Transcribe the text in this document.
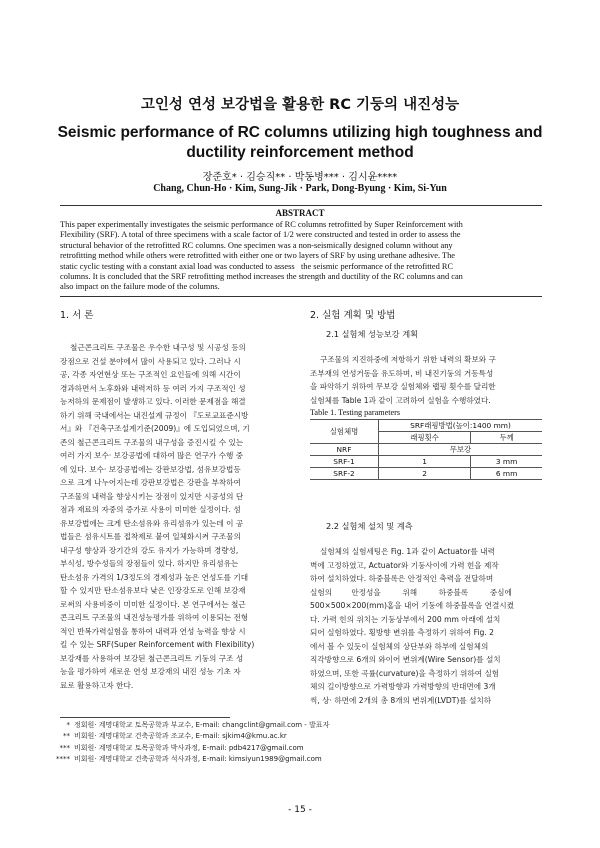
고인성 연성 보강법을 활용한 RC 기둥의 내진성능
Seismic performance of RC columns utilizing high toughness and
ductility reinforcement method
장준호* · 김승직** · 박동병*** · 김시윤****
Chang, Chun-Ho · Kim, Sung-Jik · Park, Dong-Byung · Kim, Si-Yun
ABSTRACT
This paper experimentally investigates the seismic performance of RC columns retrofitted by Super Reinforcement with
Flexibility (SRF). A total of three specimens with a scale factor of 1/2 were constructed and tested in order to assess the
structural behavior of the retrofitted RC columns. One specimen was a non-seismically designed column without any
retrofitting method while others were retrofitted with either one or two layers of SRF by using urethane adhesive. The
static cyclic testing with a constant axial load was conducted to assess   the seismic performance of the retrofitted RC
columns. It is concluded that the SRF retrofitting method increases the strength and ductility of the RC columns and can
also impact on the failure mode of the columns.
1. 서 론
철근콘크리트 구조물은 우수한 내구성 및 시공성 등의
장점으로 건설 분야에서 많이 사용되고 있다. 그러나 시
공, 각종 자연현상 또는 구조적인 요인들에 의해 시간이
경과하면서 노후화와 내력저하 등 여러 가지 구조적인 성
능저하의 문제점이 발생하고 있다. 이러한 문제점을 해결
하기 위해 국내에서는 내진설계 규정이 『도로교표준시방
서』와 『건축구조설계기준(2009)』에 도입되었으며, 기
존의 철근콘크리트 구조물의 내구성을 증진시킬 수 있는
여러 가지 보수· 보강공법에 대하여 많은 연구가 수행 중
에 있다. 보수· 보강공법에는 강판보강법, 섬유보강법등
으로 크게 나누어지는데 강판보강법은 강판을 부착하여
구조물의 내력을 향상시키는 장점이 있지만 시공성의 단
점과 재료의 자중의 증가로 사용이 미미한 실정이다. 섬
유보강법에는 크게 탄소섬유와 유리섬유가 있는데 이 공
법들은 섬유시트를 접착제로 붙여 일체화시켜 구조물의
내구성 향상과 장기간의 강도 유지가 가능하며 경량성,
부식성, 방수성들의 장점들이 있다. 하지만 유리섬유는
탄소섬유 가격의 1/3정도의 경제성과 높은 연성도를 기대
할 수 있지만 탄소섬유보다 낮은 인장강도로 인해 보강재
로써의 사용비중이 미미한 실정이다. 본 연구에서는 철근
콘크리트 구조물의 내진성능평가를 위하여 이용되는 전형
적인 반복가력실험을 통하여 내력과 연성 능력을 향상 시
킬 수 있는 SRF(Super Reinforcement with Flexibility)
보강재를 사용하여 보강된 철근콘크리트 기둥의 구조 성
능을 평가하여 새로운 연성 보강재의 내진 성능 기초 자
료로 활용하고자 한다.
2. 실험 계획 및 방법
2.1 실험체 성능보강 계획
구조물의 지진하중에 저항하기 위한 내력의 확보와 구
조부재의 연성거동을 유도하며, 비 내진기둥의 거동특성
을 파악하기 위하여 무보강 실험체와 랩핑 횟수를 달리한
실험체를 Table 1과 같이 고려하여 실험을 수행하였다.
Table 1. Testing parameters
실험체명	SRF래핑방법(높이:1400 mm)	
	래핑횟수	두께
NRF	무보강	
SRF-1	1	3 mm
SRF-2	2	6 mm
2.2 실험체 설치 및 계측
실험체의 실험세팅은 Fig. 1과 같이 Actuator를 내력
벽에 고정하였고, Actuator와 기둥사이에 가력 힌을 제작
하여 설치하였다. 하중블록은 안정적인 축력을 전달하며
실험의        안정성을         위해         하중블록         중심에
500×500×200(mm)홈을 내어 기둥에 하중블록을 연결시켰
다. 가력 힌의 위치는 기둥상부에서 200 mm 아래에 설치
되어 실험하였다. 횡방향 변위를 측정하기 위하여 Fig. 2
에서 볼 수 있듯이 실험체의 상단부와 하부에 실험체의
직각방향으로 6개의 와이어 변위계(Wire Sensor)를 설치
하였으며, 또한 곡률(curvature)을 측정하기 위하여 실험
체의 길이방향으로 가력방향과 가력방향의 반대면에 3개
씩, 상· 하면에 2개의 총 8개의 변위계(LVDT)를 설치하
* 정회원· 계명대학교 토목공학과 부교수, E-mail: changclint@gmail.com - 발표자
** 비회원· 계명대학교 건축공학과 조교수, E-mail: sjkim4@kmu.ac.kr
*** 비회원· 계명대학교 토목공학과 박사과정, E-mail: pdb4217@gmail.com
**** 비회원· 계명대학교 건축공학과 석사과정, E-mail: kimsiyun1989@gmail.com
- 15 -
